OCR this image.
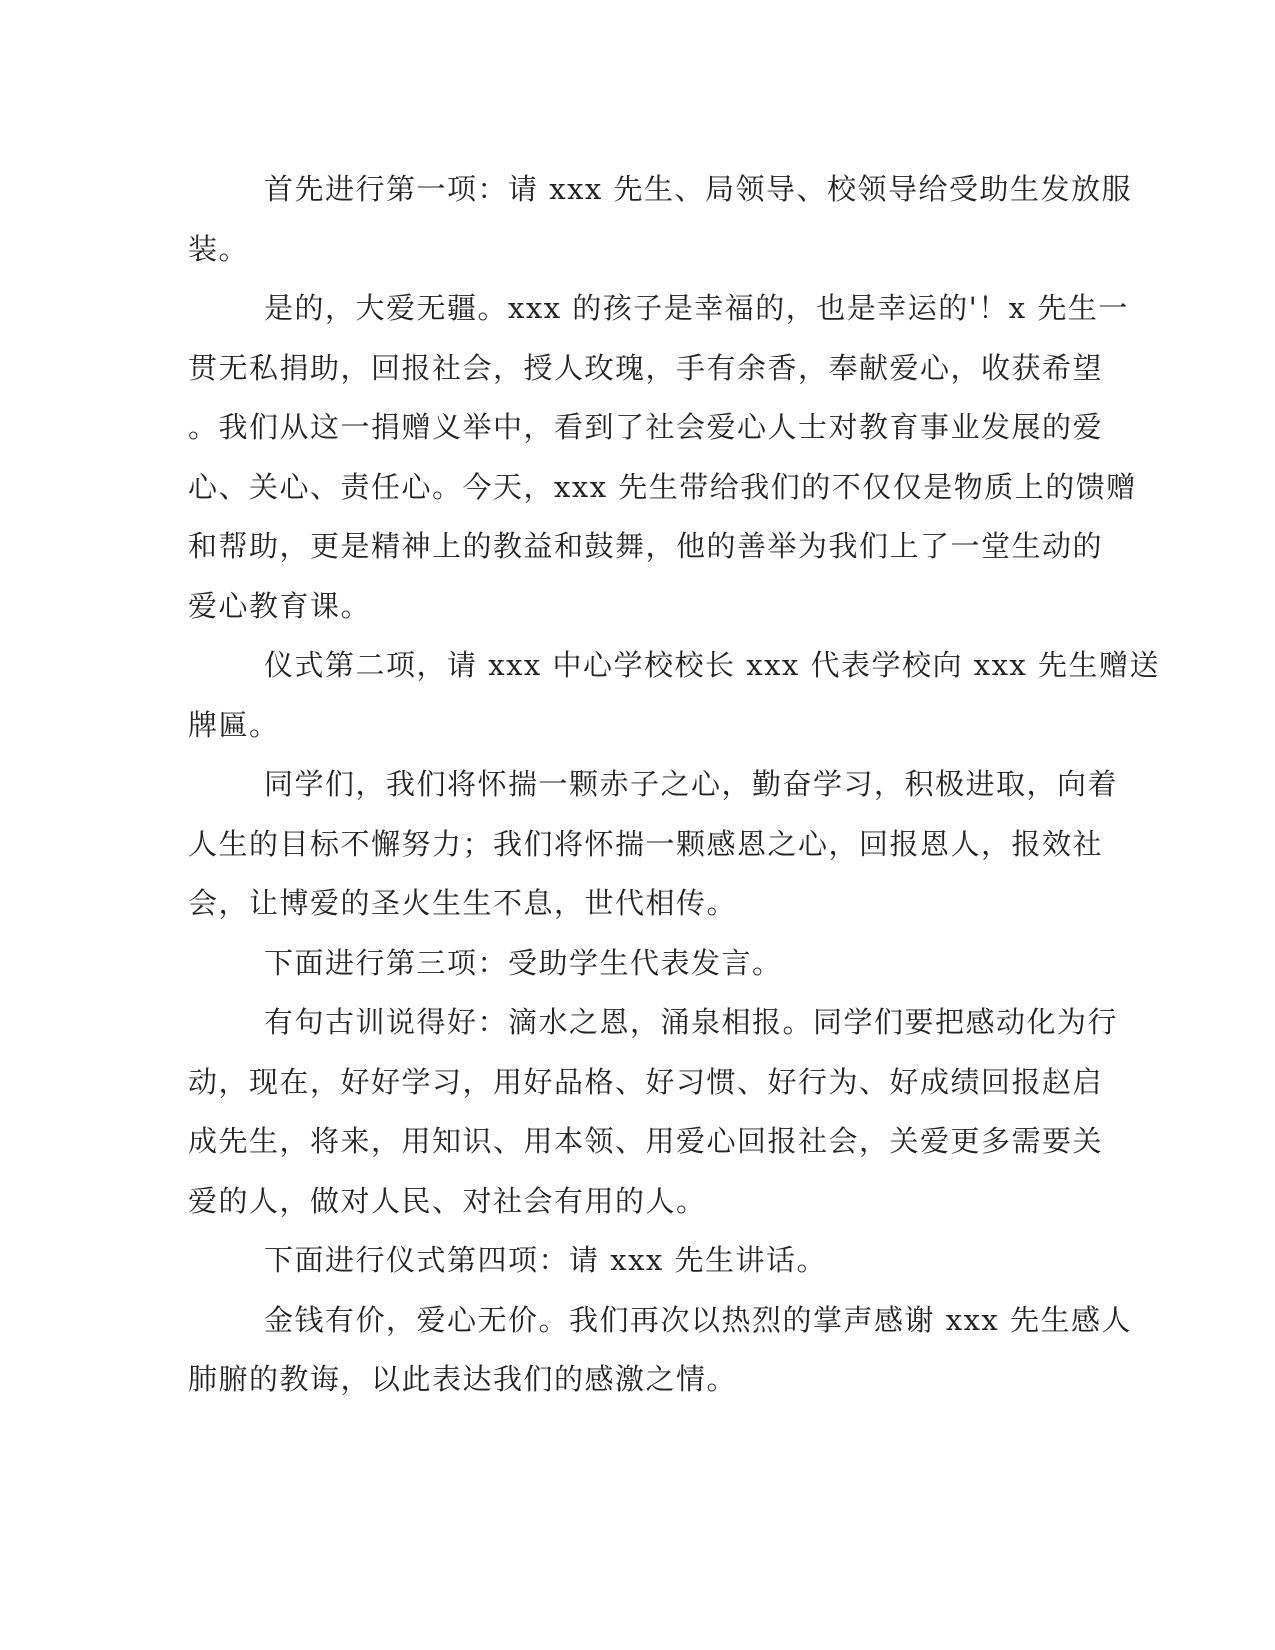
首先进行第一项：请 xxx 先生、局领导、校领导给受助生发放服
装。
是的，大爱无疆。xxx 的孩子是幸福的，也是幸运的'！x 先生一
贯无私捐助，回报社会，授人玫瑰，手有余香，奉献爱心，收获希望
。我们从这一捐赠义举中，看到了社会爱心人士对教育事业发展的爱
心、关心、责任心。今天，xxx 先生带给我们的不仅仅是物质上的馈赠
和帮助，更是精神上的教益和鼓舞，他的善举为我们上了一堂生动的
爱心教育课。
仪式第二项，请 xxx 中心学校校长 xxx 代表学校向 xxx 先生赠送
牌匾。
同学们，我们将怀揣一颗赤子之心，勤奋学习，积极进取，向着
人生的目标不懈努力；我们将怀揣一颗感恩之心，回报恩人，报效社
会，让博爱的圣火生生不息，世代相传。
下面进行第三项：受助学生代表发言。
有句古训说得好：滴水之恩，涌泉相报。同学们要把感动化为行
动，现在，好好学习，用好品格、好习惯、好行为、好成绩回报赵启
成先生，将来，用知识、用本领、用爱心回报社会，关爱更多需要关
爱的人，做对人民、对社会有用的人。
下面进行仪式第四项：请 xxx 先生讲话。
金钱有价，爱心无价。我们再次以热烈的掌声感谢 xxx 先生感人
肺腑的教诲，以此表达我们的感激之情。
